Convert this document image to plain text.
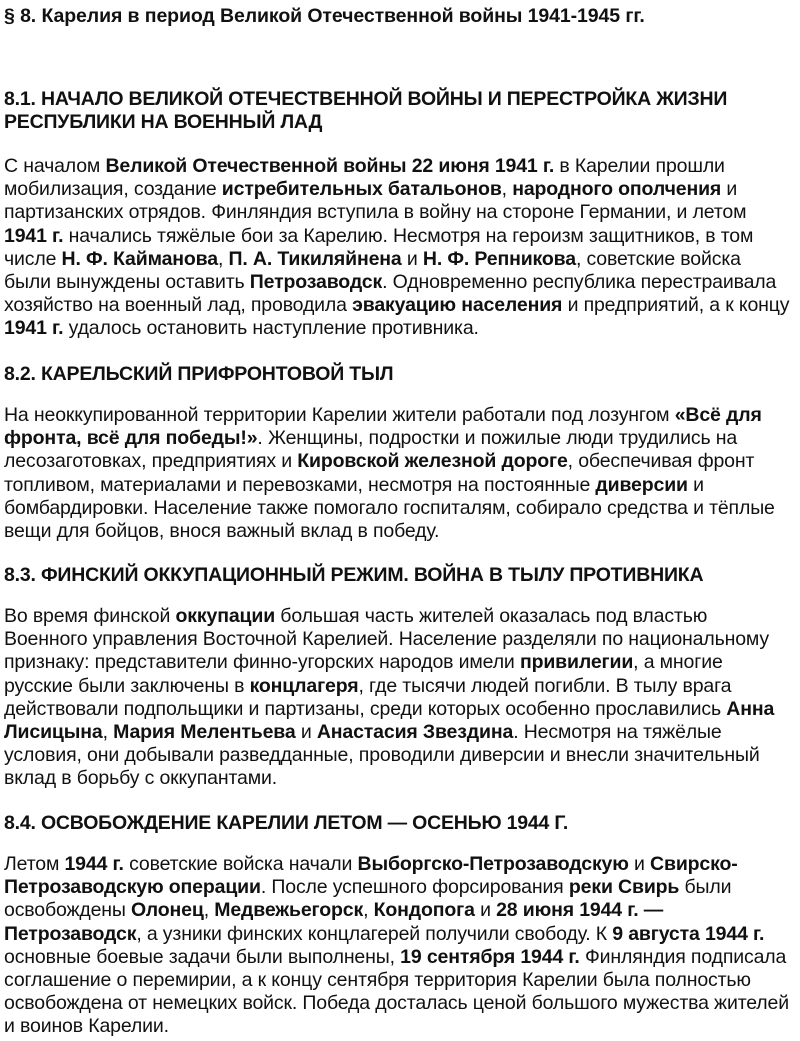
§ 8. Карелия в период Великой Отечественной войны 1941-1945 гг.
8.1. НАЧАЛО ВЕЛИКОЙ ОТЕЧЕСТВЕННОЙ ВОЙНЫ И ПЕРЕСТРОЙКА ЖИЗНИ РЕСПУБЛИКИ НА ВОЕННЫЙ ЛАД

С началом Великой Отечественной войны 22 июня 1941 г. в Карелии прошли мобилизация, создание истребительных батальонов, народного ополчения и партизанских отрядов. Финляндия вступила в войну на стороне Германии, и летом 1941 г. начались тяжёлые бои за Карелию. Несмотря на героизм защитников, в том числе Н. Ф. Кайманова, П. А. Тикиляйнена и Н. Ф. Репникова, советские войска были вынуждены оставить Петрозаводск. Одновременно республика перестраивала хозяйство на военный лад, проводила эвакуацию населения и предприятий, а к концу 1941 г. удалось остановить наступление противника.

8.2. КАРЕЛЬСКИЙ ПРИФРОНТОВОЙ ТЫЛ

На неоккупированной территории Карелии жители работали под лозунгом «Всё для фронта, всё для победы!». Женщины, подростки и пожилые люди трудились на лесозаготовках, предприятиях и Кировской железной дороге, обеспечивая фронт топливом, материалами и перевозками, несмотря на постоянные диверсии и бомбардировки. Население также помогало госпиталям, собирало средства и тёплые вещи для бойцов, внося важный вклад в победу.

8.3. ФИНСКИЙ ОККУПАЦИОННЫЙ РЕЖИМ. ВОЙНА В ТЫЛУ ПРОТИВНИКА

Во время финской оккупации большая часть жителей оказалась под властью Военного управления Восточной Карелией. Население разделяли по национальному признаку: представители финно-угорских народов имели привилегии, а многие русские были заключены в концлагеря, где тысячи людей погибли. В тылу врага действовали подпольщики и партизаны, среди которых особенно прославились Анна Лисицына, Мария Мелентьева и Анастасия Звездина. Несмотря на тяжёлые условия, они добывали разведданные, проводили диверсии и внесли значительный вклад в борьбу с оккупантами.

8.4. ОСВОБОЖДЕНИЕ КАРЕЛИИ ЛЕТОМ — ОСЕНЬЮ 1944 Г.

Летом 1944 г. советские войска начали Выборгско-Петрозаводскую и Свирско-Петрозаводскую операции. После успешного форсирования реки Свирь были освобождены Олонец, Медвежьегорск, Кондопога и 28 июня 1944 г. — Петрозаводск, а узники финских концлагерей получили свободу. К 9 августа 1944 г. основные боевые задачи были выполнены, 19 сентября 1944 г. Финляндия подписала соглашение о перемирии, а к концу сентября территория Карелии была полностью освобождена от немецких войск. Победа досталась ценой большого мужества жителей и воинов Карелии.
